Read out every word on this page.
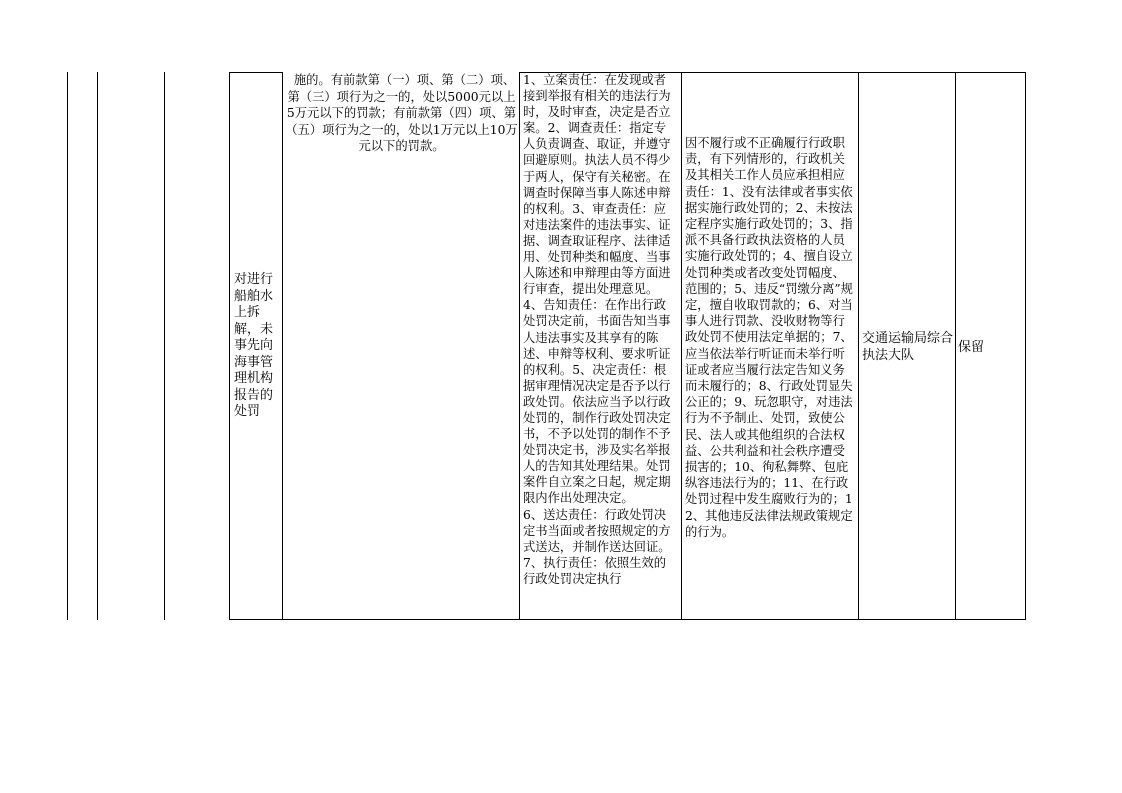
对进行船舶水上拆解，未事先向海事管理机构报告的处罚
施的。有前款第（一）项、第（二）项、第（三）项行为之一的，处以5000元以上5万元以下的罚款；有前款第（四）项、第（五）项行为之一的，处以1万元以上10万元以下的罚款。
1、立案责任：在发现或者接到举报有相关的违法行为时，及时审查，决定是否立案。2、调查责任：指定专人负责调查、取证，并遵守回避原则。执法人员不得少于两人，保守有关秘密。在调查时保障当事人陈述申辩的权利。3、审查责任：应对违法案件的违法事实、证据、调查取证程序、法律适用、处罚种类和幅度、当事人陈述和申辩理由等方面进行审查，提出处理意见。4、告知责任：在作出行政处罚决定前，书面告知当事人违法事实及其享有的陈述、申辩等权利、要求听证的权利。5、决定责任：根据审理情况决定是否予以行政处罚。依法应当予以行政处罚的，制作行政处罚决定书，不予以处罚的制作不予处罚决定书，涉及实名举报人的告知其处理结果。处罚案件自立案之日起，规定期限内作出处理决定。
6、送达责任：行政处罚决定书当面或者按照规定的方式送达，并制作送达回证。7、执行责任：依照生效的行政处罚决定执行
因不履行或不正确履行行政职责，有下列情形的，行政机关及其相关工作人员应承担相应责任：1、没有法律或者事实依据实施行政处罚的；2、未按法定程序实施行政处罚的；3、指派不具备行政执法资格的人员实施行政处罚的；4、擅自设立处罚种类或者改变处罚幅度、范围的；5、违反“罚缴分离”规定，擅自收取罚款的；6、对当事人进行罚款、没收财物等行政处罚不使用法定单据的；7、应当依法举行听证而未举行听证或者应当履行法定告知义务而未履行的；8、行政处罚显失公正的；9、玩忽职守，对违法行为不予制止、处罚，致使公民、法人或其他组织的合法权益、公共利益和社会秩序遭受损害的；10、徇私舞弊、包庇纵容违法行为的；11、在行政处罚过程中发生腐败行为的；12、其他违反法律法规政策规定的行为。
交通运输局综合执法大队
保留
